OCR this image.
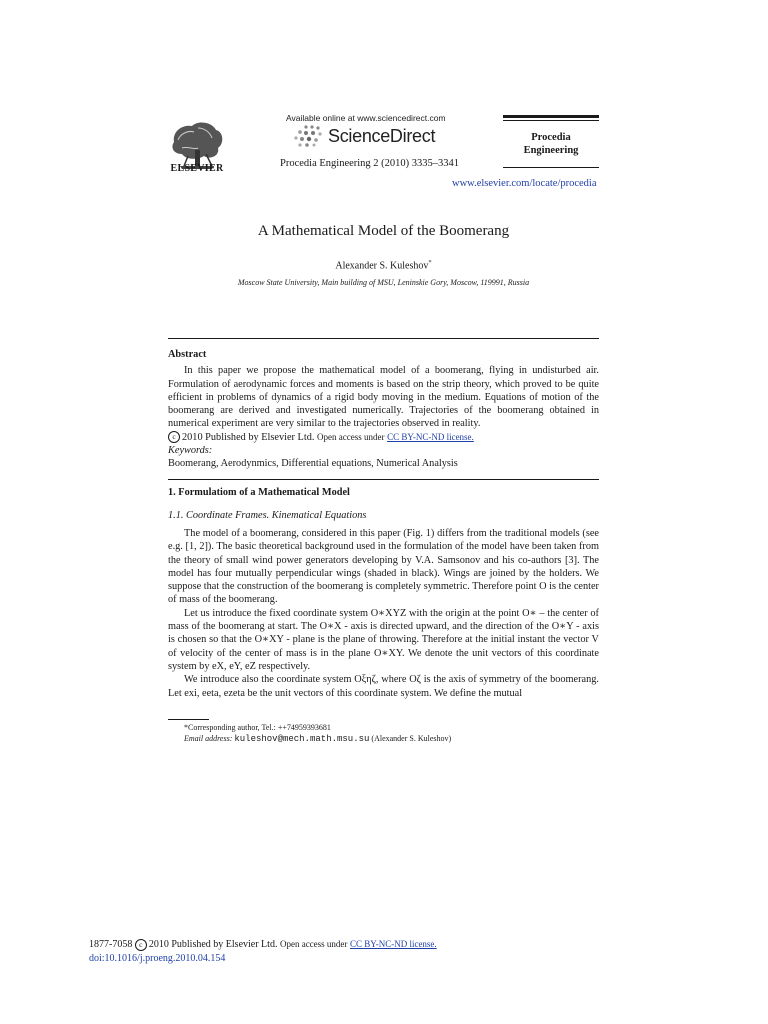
ELSEVIER
Available online at www.sciencedirect.com
ScienceDirect
Procedia Engineering 2 (2010) 3335–3341
Procedia
Engineering
www.elsevier.com/locate/procedia
A Mathematical Model of the Boomerang
Alexander S. Kuleshov*
Moscow State University, Main building of MSU, Leninskie Gory, Moscow, 119991, Russia

Abstract

In this paper we propose the mathematical model of a boomerang, flying in undisturbed air. Formulation of aerodynamic forces and moments is based on the strip theory, which proved to be quite efficient in problems of dynamics of a rigid body moving in the medium. Equations of motion of the boomerang are derived and investigated numerically. Trajectories of the boomerang obtained in numerical experiment are very similar to the trajectories observed in reality.

c 2010 Published by Elsevier Ltd. Open access under CC BY-NC-ND license.

Keywords:

Boomerang, Aerodynmics, Differential equations, Numerical Analysis

1. Formulatiom of a Mathematical Model
1.1. Coordinate Frames. Kinematical Equations

The model of a boomerang, considered in this paper (Fig. 1) differs from the traditional models (see e.g. [1, 2]). The basic theoretical background used in the formulation of the model have been taken from the theory of small wind power generators developing by V.A. Samsonov and his co-authors [3]. The model has four mutually perpendicular wings (shaded in black). Wings are joined by the holders. We suppose that the construction of the boomerang is completely symmetric. Therefore point O is the center of mass of the boomerang.

Let us introduce the fixed coordinate system O∗XYZ with the origin at the point O∗ – the center of mass of the boomerang at start. The O∗X - axis is directed upward, and the direction of the O∗Y - axis is chosen so that the O∗XY - plane is the plane of throwing. Therefore at the initial instant the vector V of velocity of the center of mass is in the plane O∗XY. We denote the unit vectors of this coordinate system by eX, eY, eZ respectively.

We introduce also the coordinate system Oξηζ, where Oζ is the axis of symmetry of the boomerang. Let exi, eeta, ezeta be the unit vectors of this coordinate system. We define the mutual

*Corresponding author, Tel.: ++74959393681
Email address: kuleshov@mech.math.msu.su (Alexander S. Kuleshov)
1877-7058 c 2010 Published by Elsevier Ltd. Open access under CC BY-NC-ND license.
doi:10.1016/j.proeng.2010.04.154
